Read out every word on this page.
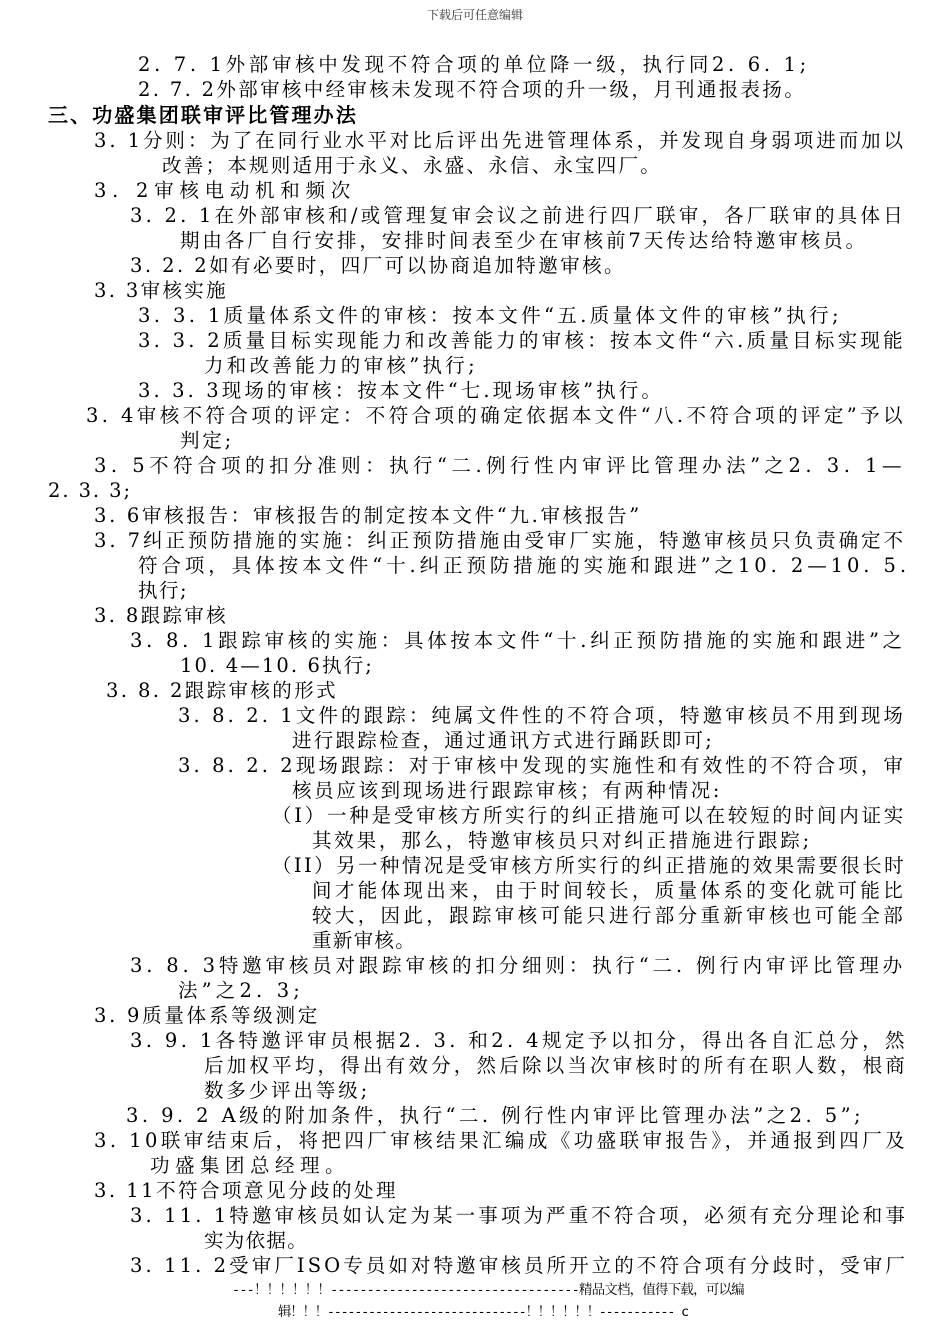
下载后可任意编辑
2. 7. 1外部审核中发现不符合项的单位降一级，执行同2. 6. 1;
2. 7. 2外部审核中经审核未发现不符合项的升一级，月刊通报表扬。
三、功盛集团联审评比管理办法
3. 1分则：为了在同行业水平对比后评出先进管理体系，并发现自身弱项进而加以
改善；本规则适用于永义、永盛、永信、永宝四厂。
3. 2审核电动机和频次
3. 2. 1在外部审核和/或管理复审会议之前进行四厂联审，各厂联审的具体日
期由各厂自行安排，安排时间表至少在审核前7天传达给特邀审核员。
3. 2. 2如有必要时，四厂可以协商追加特邀审核。
3. 3审核实施
3. 3. 1质量体系文件的审核：按本文件“五.质量体文件的审核”执行;
3. 3. 2质量目标实现能力和改善能力的审核：按本文件“六.质量目标实现能
力和改善能力的审核”执行;
3. 3. 3现场的审核：按本文件“七.现场审核”执行。
3. 4审核不符合项的评定：不符合项的确定依据本文件“八.不符合项的评定”予以
判定;
3. 5不符合项的扣分准则：执行“二.例行性内审评比管理办法”之2. 3. 1—
2. 3. 3;
3. 6审核报告：审核报告的制定按本文件“九.审核报告”
3. 7纠正预防措施的实施：纠正预防措施由受审厂实施，特邀审核员只负责确定不
符合项，具体按本文件“十.纠正预防措施的实施和跟进”之10. 2—10. 5.
执行;
3. 8跟踪审核
3. 8. 1跟踪审核的实施：具体按本文件“十.纠正预防措施的实施和跟进”之
10. 4—10. 6执行;
3. 8. 2跟踪审核的形式
3. 8. 2. 1文件的跟踪：纯属文件性的不符合项，特邀审核员不用到现场
进行跟踪检查，通过通讯方式进行踊跃即可;
3. 8. 2. 2现场跟踪：对于审核中发现的实施性和有效性的不符合项，审
核员应该到现场进行跟踪审核；有两种情况:
（I）一种是受审核方所实行的纠正措施可以在较短的时间内证实
其效果，那么，特邀审核员只对纠正措施进行跟踪;
（II）另一种情况是受审核方所实行的纠正措施的效果需要很长时
间才能体现出来，由于时间较长，质量体系的变化就可能比
较大，因此，跟踪审核可能只进行部分重新审核也可能全部
重新审核。
3. 8. 3特邀审核员对跟踪审核的扣分细则：执行“二. 例行内审评比管理办
法”之2. 3;
3. 9质量体系等级测定
3. 9. 1各特邀评审员根据2. 3. 和2. 4规定予以扣分，得出各自汇总分，然
后加权平均，得出有效分，然后除以当次审核时的所有在职人数，根商
数多少评出等级;
3. 9. 2 A级的附加条件，执行“二. 例行性内审评比管理办法”之2. 5”;
3. 10联审结束后，将把四厂审核结果汇编成《功盛联审报告》，并通报到四厂及
功盛集团总经理。
3. 11不符合项意见分歧的处理
3. 11. 1特邀审核员如认定为某一事项为严重不符合项，必须有充分理论和事
实为依据。
3. 11. 2受审厂ISO专员如对特邀审核员所开立的不符合项有分歧时，受审厂
---！！！！！！----------------------------------精品文档，值得下载，可以编
辑！！！-----------------------------！！！！！！----------- c
